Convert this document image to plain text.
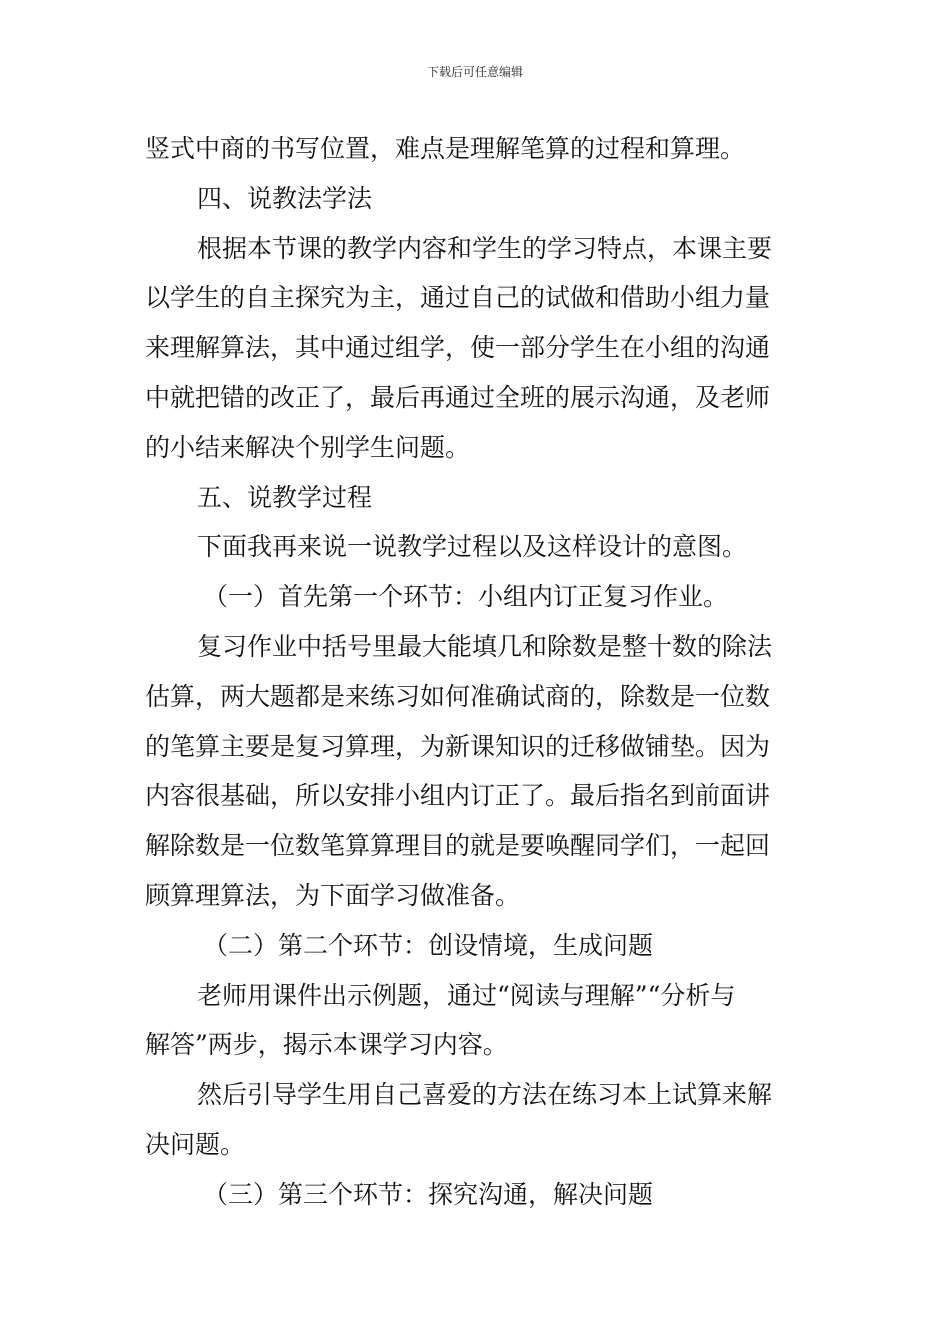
下载后可任意编辑
竖式中商的书写位置，难点是理解笔算的过程和算理。
四、说教法学法
根据本节课的教学内容和学生的学习特点，本课主要
以学生的自主探究为主，通过自己的试做和借助小组力量
来理解算法，其中通过组学，使一部分学生在小组的沟通
中就把错的改正了，最后再通过全班的展示沟通，及老师
的小结来解决个别学生问题。
五、说教学过程
下面我再来说一说教学过程以及这样设计的意图。
（一）首先第一个环节：小组内订正复习作业。
复习作业中括号里最大能填几和除数是整十数的除法
估算，两大题都是来练习如何准确试商的，除数是一位数
的笔算主要是复习算理，为新课知识的迁移做铺垫。因为
内容很基础，所以安排小组内订正了。最后指名到前面讲
解除数是一位数笔算算理目的就是要唤醒同学们，一起回
顾算理算法，为下面学习做准备。
（二）第二个环节：创设情境，生成问题
老师用课件出示例题，通过“阅读与理解”“分析与
解答”两步，揭示本课学习内容。
然后引导学生用自己喜爱的方法在练习本上试算来解
决问题。
（三）第三个环节：探究沟通，解决问题
